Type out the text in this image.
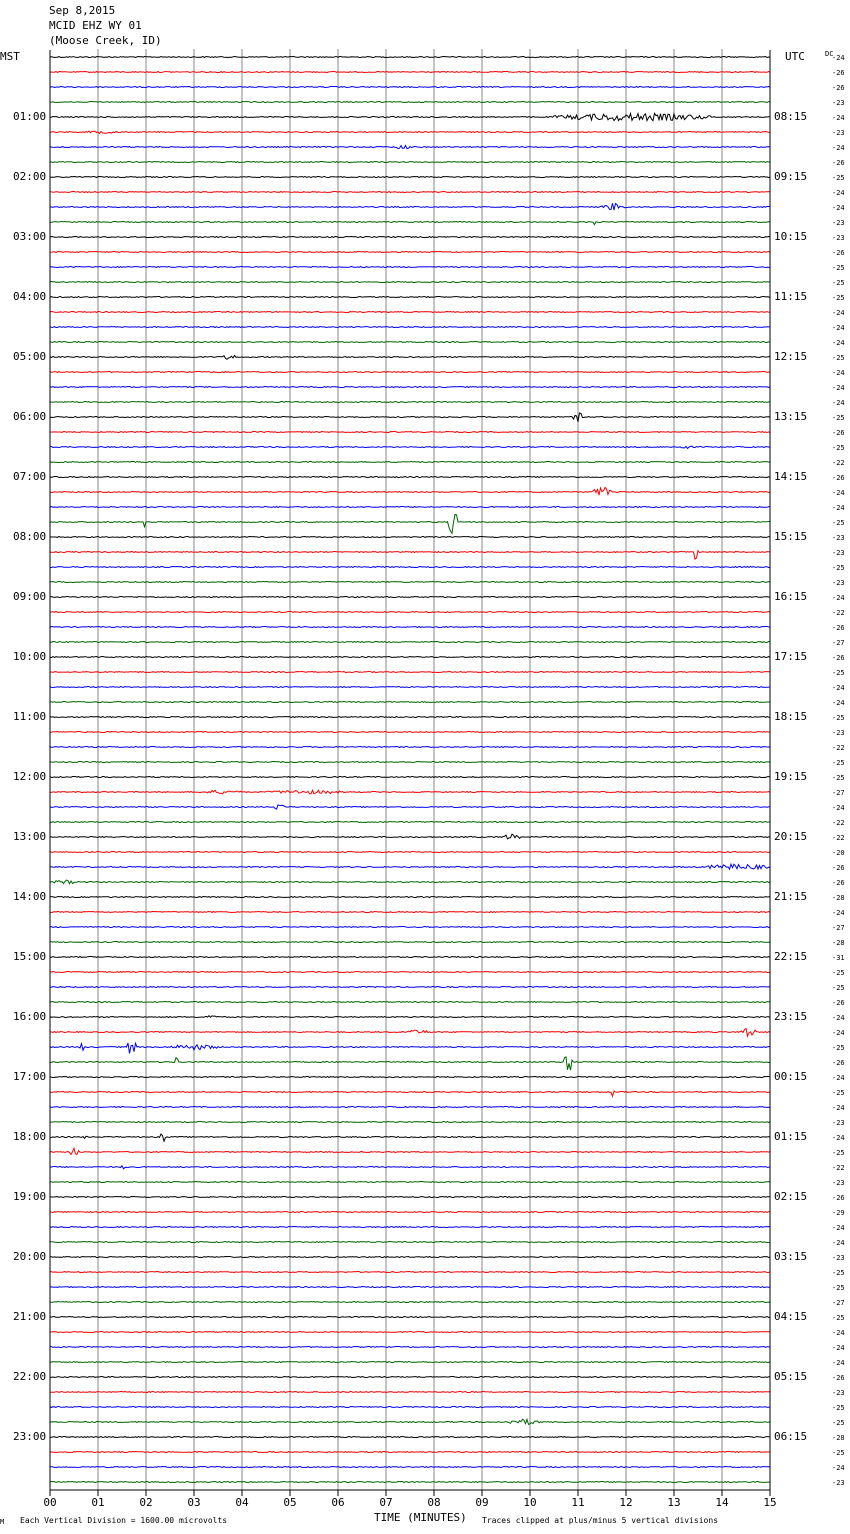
00	01	02	03	04	05	06	07	08	09	10	11	12	13	14	15
-24
-26
-26
-23
-24
-23
-24
-26
-25
-24
-24
-23
-23
-26
-25
-25
-25
-24
-24
-24
-25
-24
-24
-24
-25
-26
-25
-22
-26
-24
-24
-25
-23
-23
-25
-23
-24
-22
-26
-27
-26
-25
-24
-24
-25
-23
-22
-25
-25
-27
-24
-22
-22
-20
-26
-26
-28
-24
-27
-28
-31
-25
-25
-26
-24
-24
-25
-26
-24
-25
-24
-23
-24
-25
-22
-23
-26
-29
-24
-24
-23
-25
-25
-27
-25
-24
-24
-24
-26
-23
-25
-25
-28
-25
-24
-23
Sep 8,2015
MCID EHZ WY 01
(Moose Creek, ID)
MST	UTC	DC
01:00
02:00
03:00
04:00
05:00
06:00
07:00
08:00
09:00
10:00
11:00
12:00
13:00
14:00
15:00
16:00
17:00
18:00
19:00
20:00
21:00
22:00
23:00
08:15
09:15
10:15
11:15
12:15
13:15
14:15
15:15
16:15
17:15
18:15
19:15
20:15
21:15
22:15
23:15
00:15
01:15
02:15
03:15
04:15
05:15
06:15
M Each Vertical Division = 1600.00 microvolts	TIME (MINUTES) Traces clipped at plus/minus 5 vertical divisions
